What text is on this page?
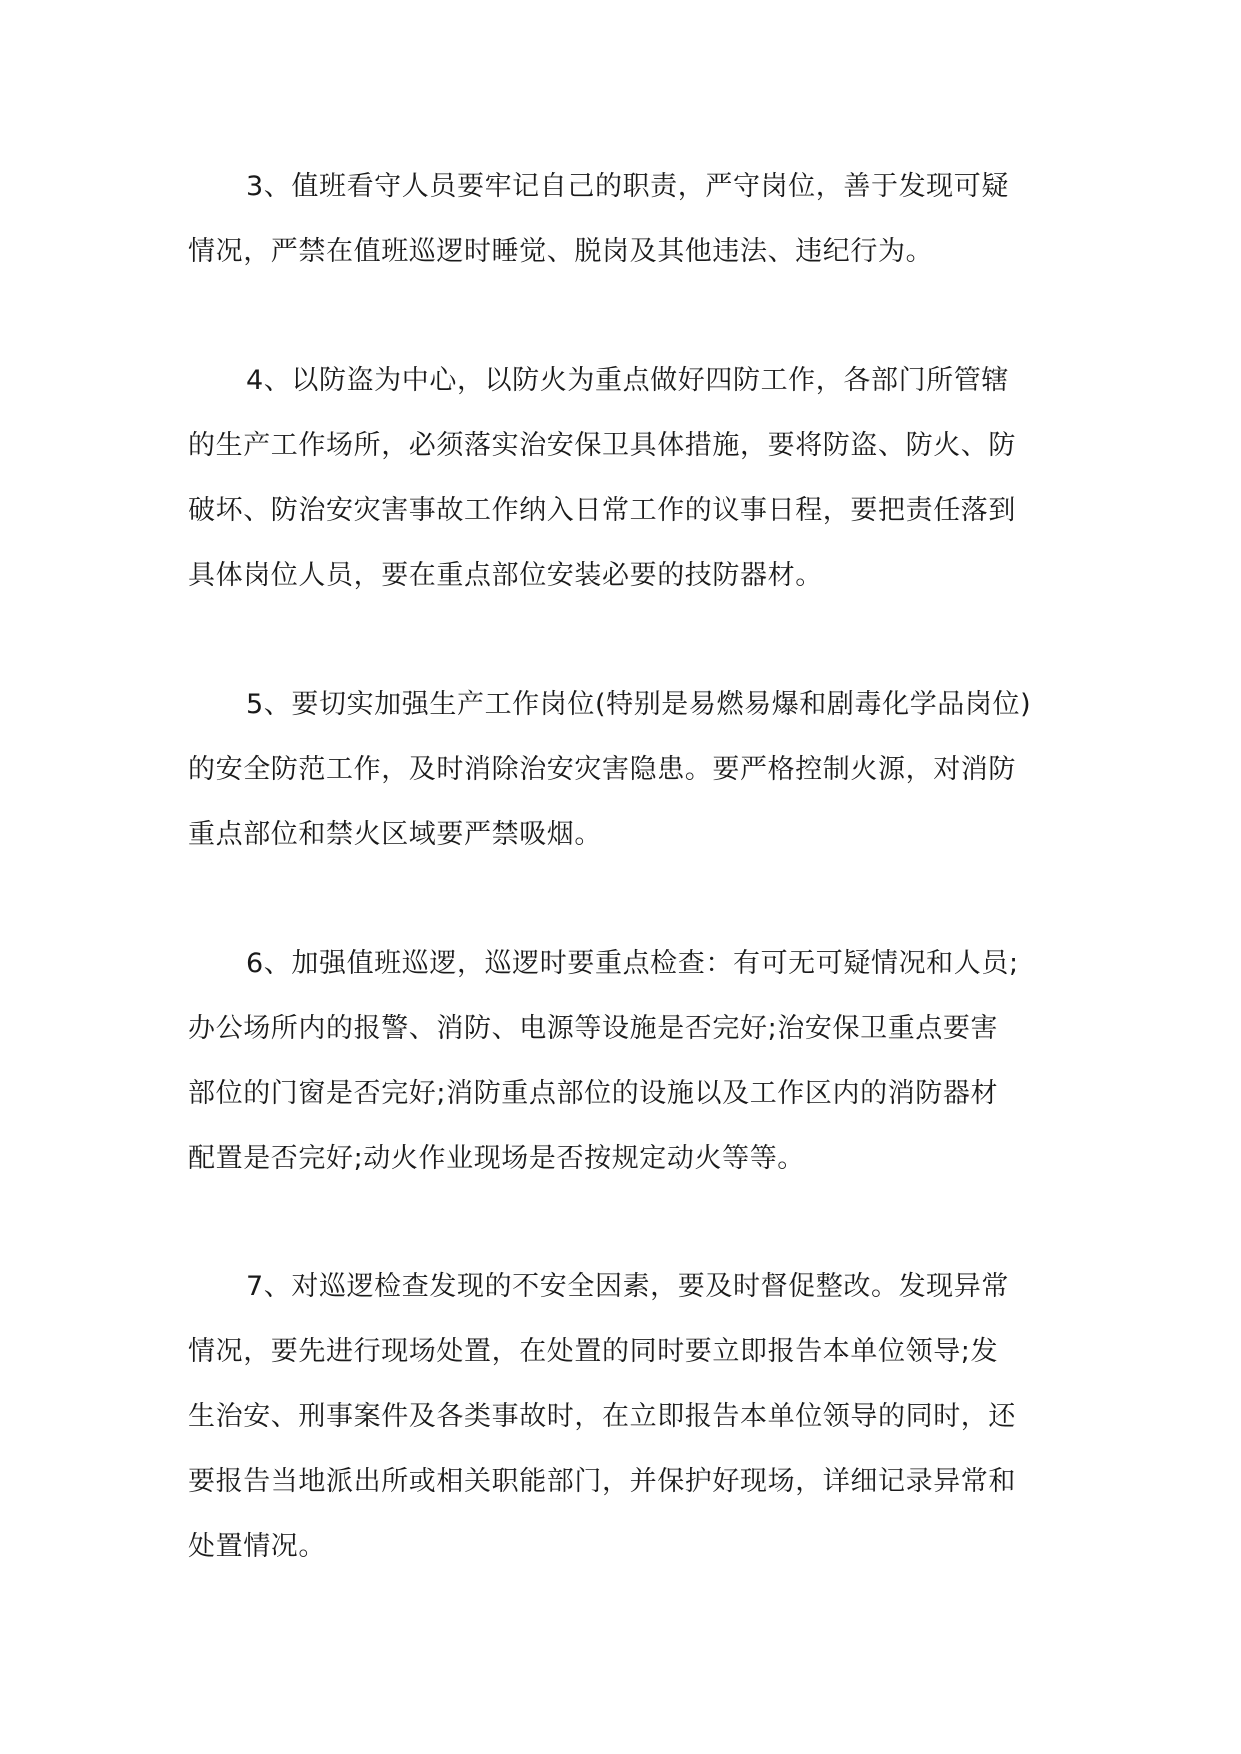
3、值班看守人员要牢记自己的职责，严守岗位，善于发现可疑
情况，严禁在值班巡逻时睡觉、脱岗及其他违法、违纪行为。

4、以防盗为中心，以防火为重点做好四防工作，各部门所管辖
的生产工作场所，必须落实治安保卫具体措施，要将防盗、防火、防
破坏、防治安灾害事故工作纳入日常工作的议事日程，要把责任落到
具体岗位人员，要在重点部位安装必要的技防器材。

5、要切实加强生产工作岗位(特别是易燃易爆和剧毒化学品岗位)
的安全防范工作，及时消除治安灾害隐患。要严格控制火源，对消防
重点部位和禁火区域要严禁吸烟。

6、加强值班巡逻，巡逻时要重点检查：有可无可疑情况和人员;
办公场所内的报警、消防、电源等设施是否完好;治安保卫重点要害
部位的门窗是否完好;消防重点部位的设施以及工作区内的消防器材
配置是否完好;动火作业现场是否按规定动火等等。

7、对巡逻检查发现的不安全因素，要及时督促整改。发现异常
情况，要先进行现场处置，在处置的同时要立即报告本单位领导;发
生治安、刑事案件及各类事故时，在立即报告本单位领导的同时，还
要报告当地派出所或相关职能部门，并保护好现场，详细记录异常和
处置情况。
